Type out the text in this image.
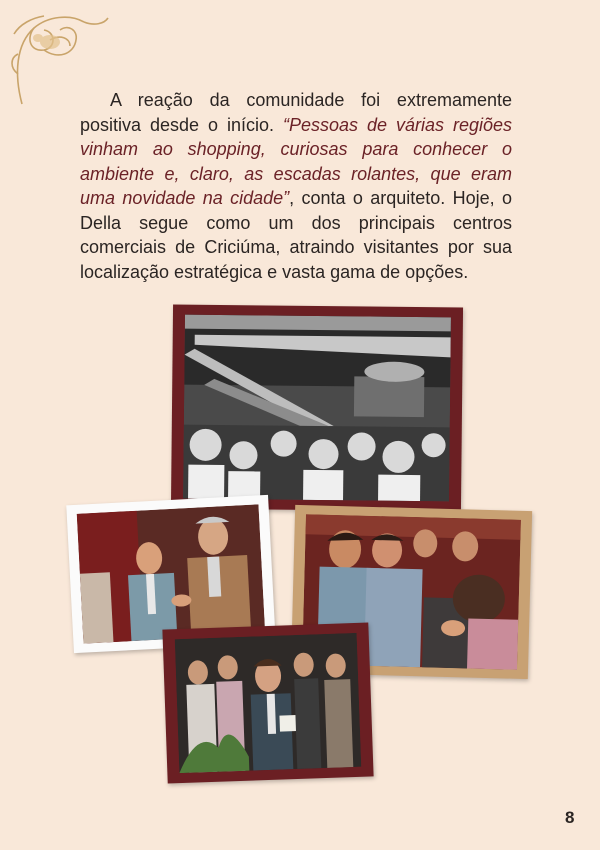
A reação da comunidade foi extremamente positiva desde o início. “Pessoas de várias regiões vinham ao shopping, curiosas para conhecer o ambiente e, claro, as escadas rolantes, que eram uma novidade na cidade”, conta o arquiteto. Hoje, o Della segue como um dos principais centros comerciais de Criciúma, atraindo visitantes por sua localização estratégica e vasta gama de opções.

8
